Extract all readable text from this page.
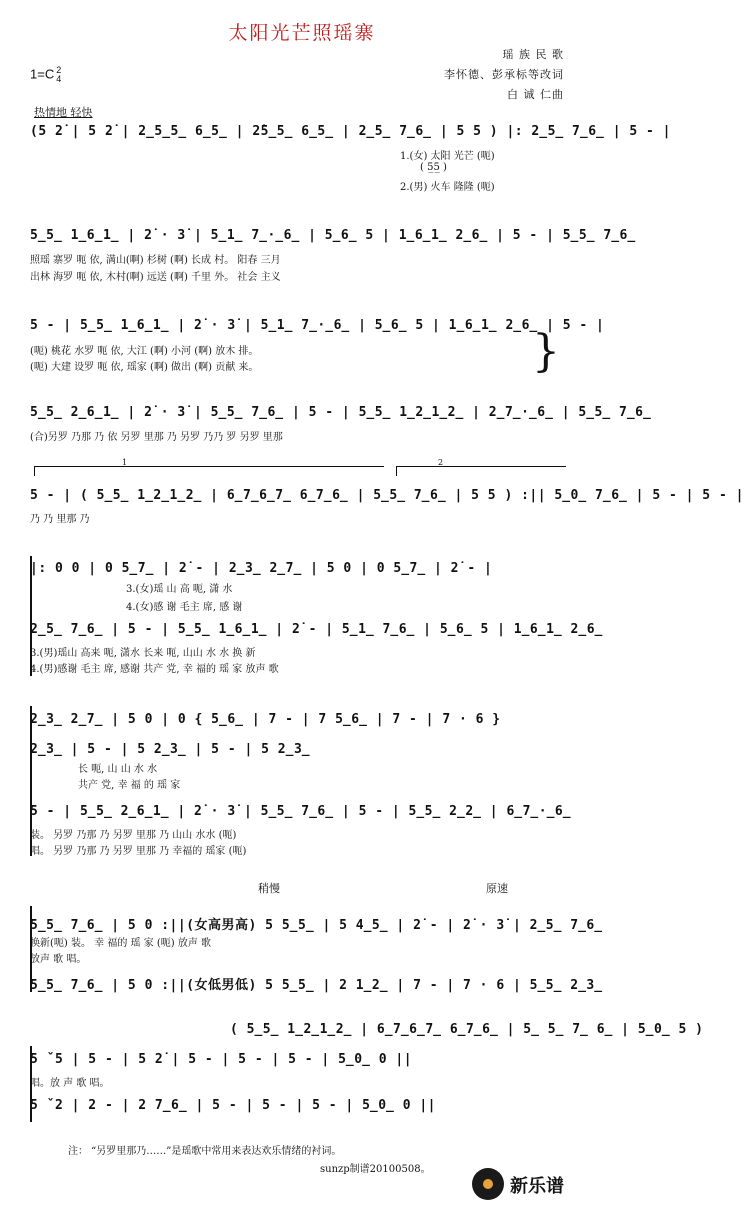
太阳光芒照瑶寨
瑶 族 民 歌
李怀德、彭承标等改词
白 诚 仁曲
1=C 2
4
热情地 轻快
(5 2̇ | 5 2̇ | 2̲5̲5̲ 6̲5̲ | 2̇5̲5̲ 6̲5̲ | 2̲5̲ 7̲6̲ | 5 5 ) |: 2̲5̲ 7̲6̲ | 5 - |
1.(女) 太阳 光芒 (呃)
( 5̲5̲ )
2.(男) 火车 隆隆 (呃)
5̲5̲ 1̲6̲1̲ | 2̇ · 3̇ | 5̲1̲ 7̲·̲6̲ | 5̲6̲ 5 | 1̲6̲1̲ 2̲6̲ | 5 - | 5̲5̲ 7̲6̲
照瑶 寨罗 呃 依, 满山(啊) 杉树 (啊) 长成 村。 阳春 三月
出林 海罗 呃 依, 木村(啊) 远送 (啊) 千里 外。 社会 主义
5 - | 5̲5̲ 1̲6̲1̲ | 2̇ · 3̇ | 5̲1̲ 7̲·̲6̲ | 5̲6̲ 5 | 1̲6̲1̲ 2̲6̲ | 5 - |
(呃) 桃花 水罗 呃 依, 大江 (啊) 小河 (啊) 放木 排。
(呃) 大建 设罗 呃 依, 瑶家 (啊) 做出 (啊) 贡献 来。
5̲5̲ 2̲6̲1̲ | 2̇ · 3̇ | 5̲5̲ 7̲6̲ | 5 - | 5̲5̲ 1̲2̲1̲2̲ | 2̲7̲·̲6̲ | 5̲5̲ 7̲6̲
(合)另罗 乃那 乃 依 另罗 里那 乃 另罗 乃乃 罗 另罗 里那
5 - | ( 5̲5̲ 1̲2̲1̲2̲ | 6̲7̲6̲7̲ 6̲7̲6̲ | 5̲5̲ 7̲6̲ | 5 5 ) :|| 5̲0̲ 7̲6̲ | 5 - | 5 - |
乃 乃 里那 乃
|: 0 0 | 0 5̲7̲ | 2̇ - | 2̲3̲ 2̲7̲ | 5 0 | 0 5̲7̲ | 2̇ - |
3.(女)瑶 山 高 呃, 潇 水
4.(女)感 谢 毛主 席, 感 谢
2̲5̲ 7̲6̲ | 5 - | 5̲5̲ 1̲6̲1̲ | 2̇ - | 5̲1̲ 7̲6̲ | 5̲6̲ 5 | 1̲6̲1̲ 2̲6̲
3.(男)瑶山 高来 呃, 潇水 长来 呃, 山山 水 水 换 新
4.(男)感谢 毛主 席, 感谢 共产 党, 幸 福的 瑶 家 放声 歌
2̲3̲ 2̲7̲ | 5 0 | 0 { 5̲6̲ | 7 - | 7 5̲6̲ | 7 - | 7 · 6 }
2̲3̲ | 5 - | 5 2̲3̲ | 5 - | 5 2̲3̲
长 呃, 山 山 水 水
共产 党, 幸 福 的 瑶 家
5 - | 5̲5̲ 2̲6̲1̲ | 2̇ · 3̇ | 5̲5̲ 7̲6̲ | 5 - | 5̲5̲ 2̲2̲ | 6̲7̲·̲6̲
装。 另罗 乃那 乃 另罗 里那 乃 山山 水水 (呃)
唱。 另罗 乃那 乃 另罗 里那 乃 幸福的 瑶家 (呃)
5̲5̲ 7̲6̲ | 5 0 :||(女高男高) 5 5̲5̲ | 5 4̲5̲ | 2̇ - | 2̇ · 3̇ | 2̲5̲ 7̲6̲
换新(呃) 装。 幸 福的 瑶 家 (呃) 放声 歌
放声 歌 唱。
5̲5̲ 7̲6̲ | 5 0 :||(女低男低) 5 5̲5̲ | 2 1̲2̲ | 7 - | 7 · 6 | 5̲5̲ 2̲3̲
( 5̲5̲ 1̲2̲1̲2̲ | 6̲7̲6̲7̲ 6̲7̲6̲ | 5̲ 5̲ 7̲ 6̲ | 5̲0̲ 5 )
5 ˇ5 | 5 - | 5 2̇ | 5 - | 5 - | 5 - | 5̲0̲ 0 ||
唱。放 声 歌 唱。
5 ˇ2 | 2 - | 2 7̲6̲ | 5 - | 5 - | 5 - | 5̲0̲ 0 ||
1	2
}
稍慢	原速
注： “另罗里那乃……”是瑶歌中常用来表达欢乐情绪的衬词。
sunzp制谱20100508。
新乐谱
